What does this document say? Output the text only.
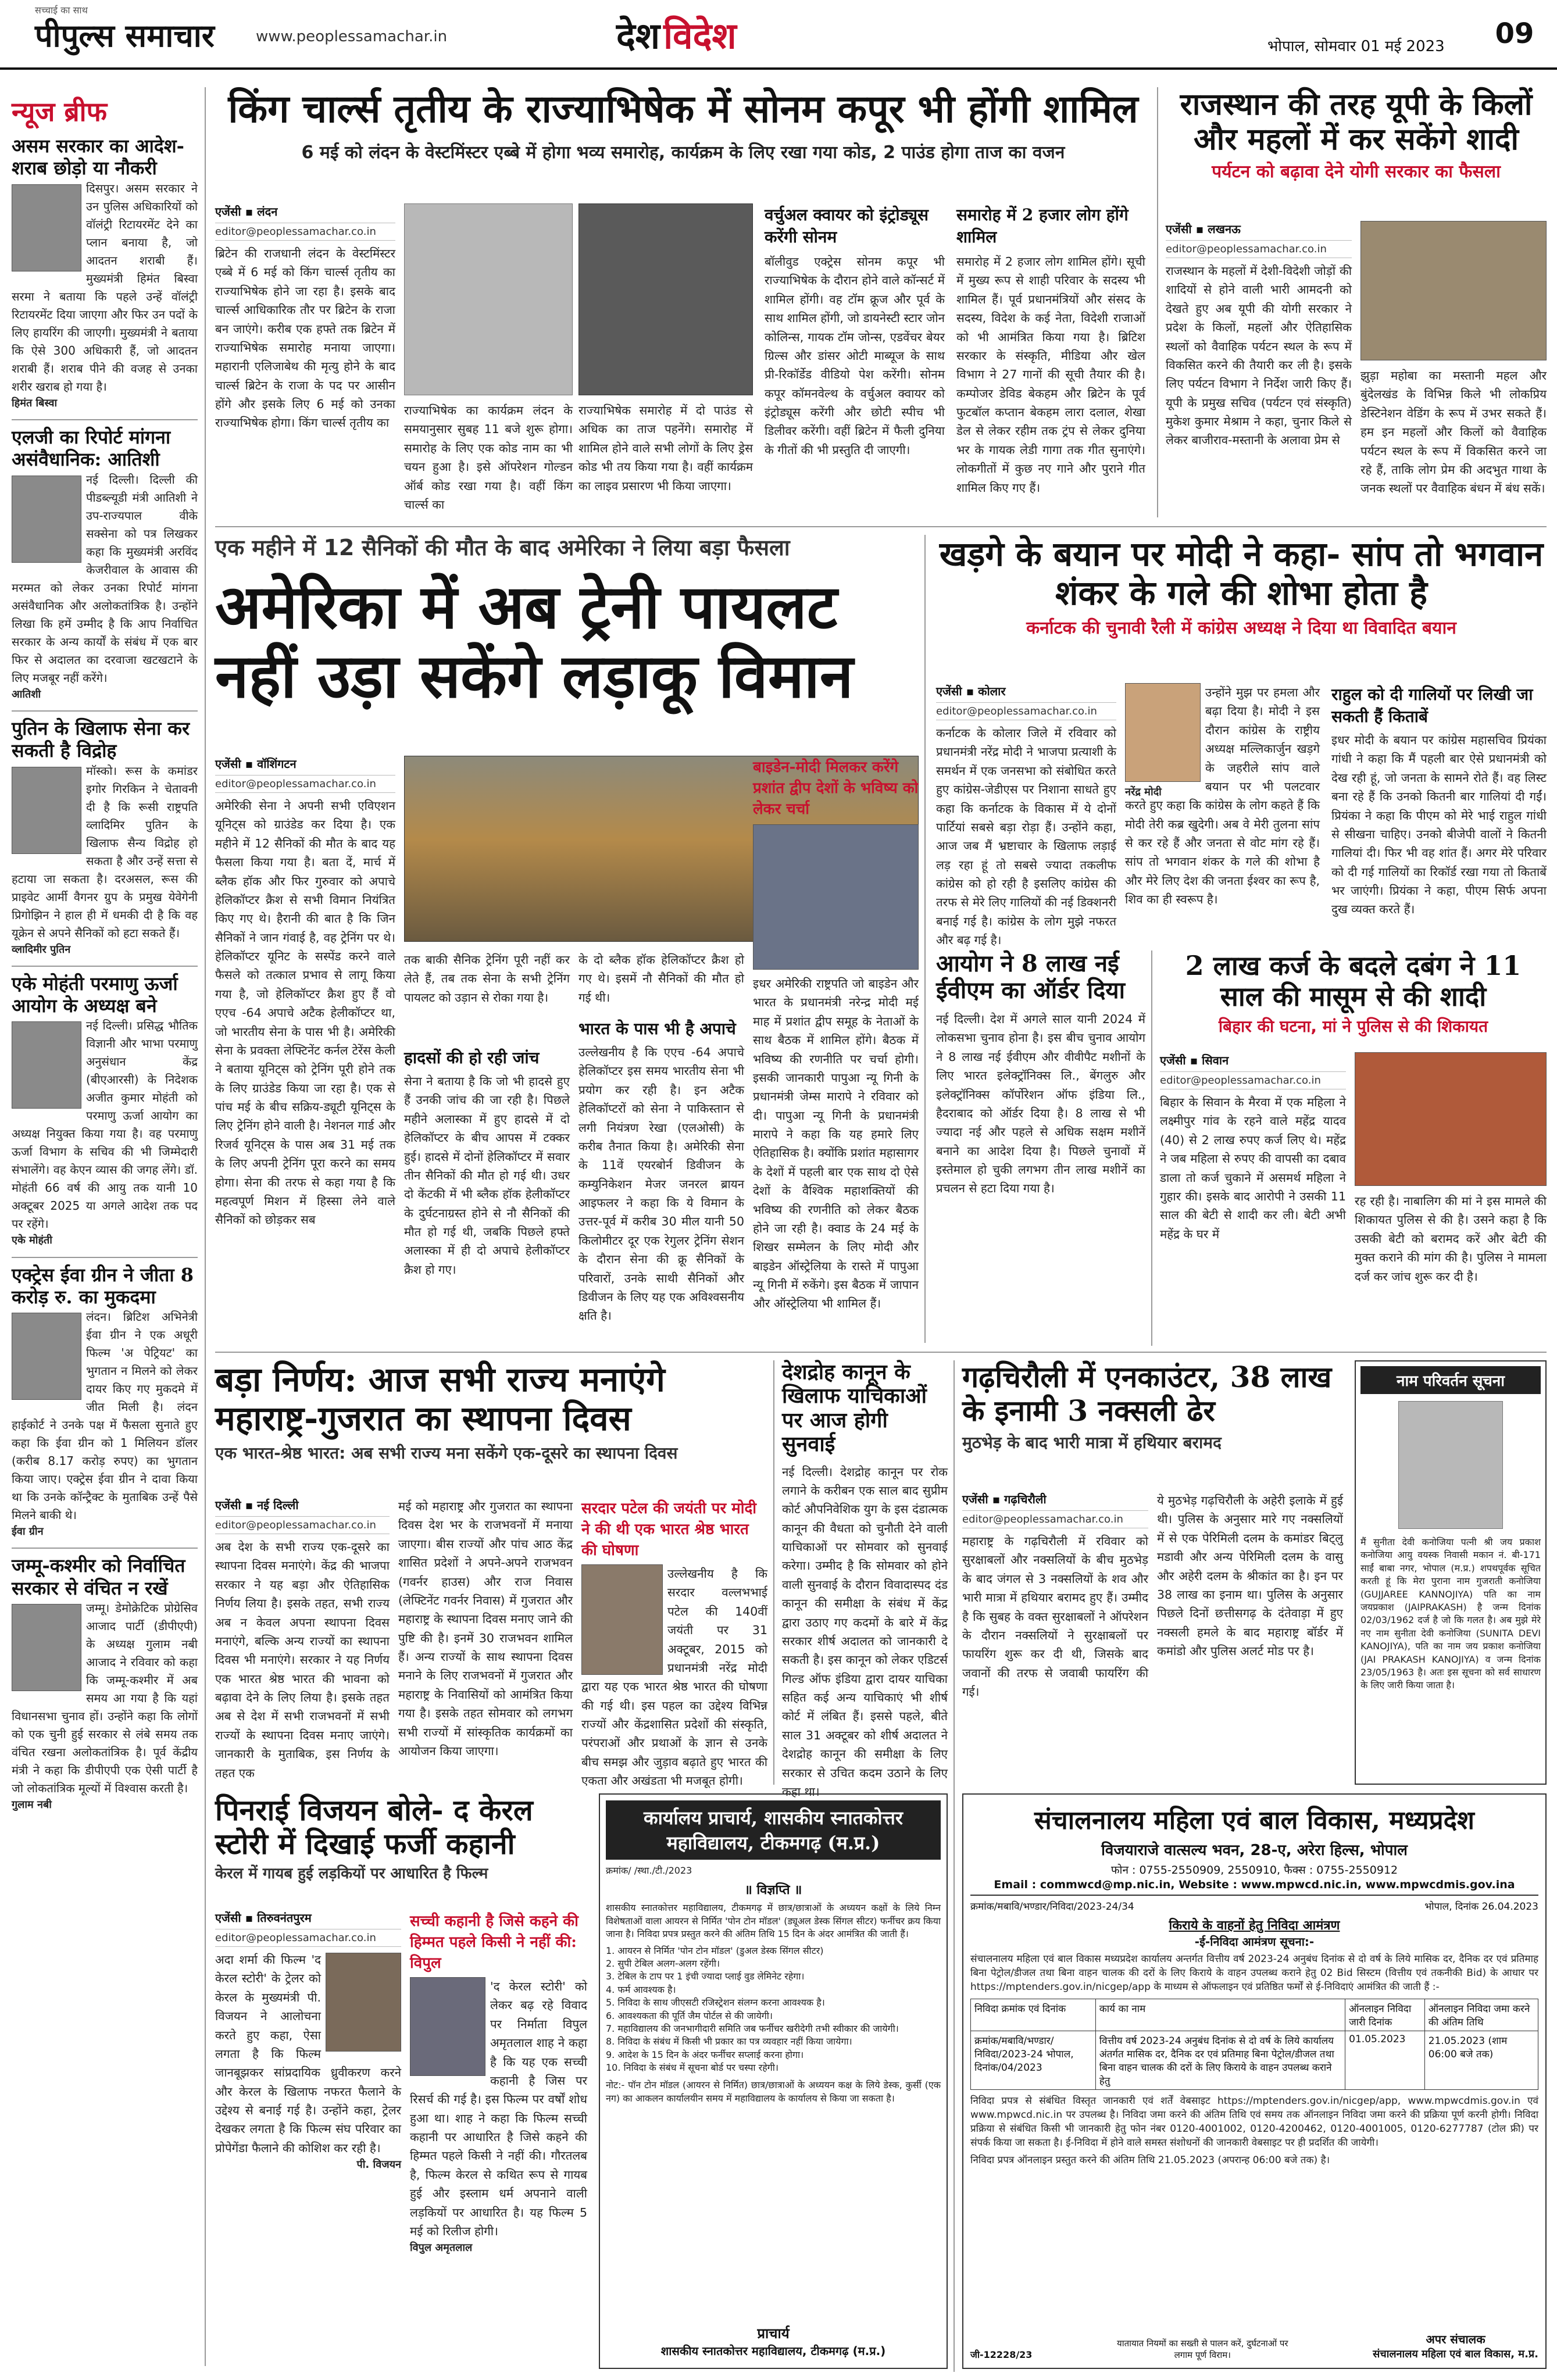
सच्चाई का साथ
पीपुल्स समाचार	www.peoplessamachar.in	देशविदेश	भोपाल, सोमवार 01 मई 2023 09
न्यूज ब्रीफ
असम सरकार का आदेश- शराब छोड़ो या नौकरी
दिसपुर। असम सरकार ने उन पुलिस अधिकारियों को वॉलंट्री रिटायरमेंट देने का प्लान बनाया है, जो आदतन शराबी हैं। मुख्यमंत्री हिमंत बिस्वा सरमा ने बताया कि पहले उन्हें वॉलंट्री रिटायरमेंट दिया जाएगा और फिर उन पदों के लिए हायरिंग की जाएगी। मुख्यमंत्री ने बताया कि ऐसे 300 अधिकारी हैं, जो आदतन शराबी हैं। शराब पीने की वजह से उनका शरीर खराब हो गया है।
हिमंत बिस्वा
एलजी का रिपोर्ट मांगना असंवैधानिक: आतिशी
नई दिल्ली। दिल्ली की पीडब्ल्यूडी मंत्री आतिशी ने उप-राज्यपाल वीके सक्सेना को पत्र लिखकर कहा कि मुख्यमंत्री अरविंद केजरीवाल के आवास की मरम्मत को लेकर उनका रिपोर्ट मांगना असंवैधानिक और अलोकतांत्रिक है। उन्होंने लिखा कि हमें उम्मीद है कि आप निर्वाचित सरकार के अन्य कार्यों के संबंध में एक बार फिर से अदालत का दरवाजा खटखटाने के लिए मजबूर नहीं करेंगे।
आतिशी
पुतिन के खिलाफ सेना कर सकती है विद्रोह
मॉस्को। रूस के कमांडर इगोर गिरकिन ने चेतावनी दी है कि रूसी राष्ट्रपति व्लादिमिर पुतिन के खिलाफ सैन्य विद्रोह हो सकता है और उन्हें सत्ता से हटाया जा सकता है। दरअसल, रूस की प्राइवेट आर्मी वैगनर ग्रुप के प्रमुख येवेगेनी प्रिगोझिन ने हाल ही में धमकी दी है कि वह यूक्रेन से अपने सैनिकों को हटा सकते हैं।
व्लादिमीर पुतिन
एके मोहंती परमाणु ऊर्जा आयोग के अध्यक्ष बने
नई दिल्ली। प्रसिद्ध भौतिक विज्ञानी और भाभा परमाणु अनुसंधान केंद्र (बीएआरसी) के निदेशक अजीत कुमार मोहंती को परमाणु ऊर्जा आयोग का अध्यक्ष नियुक्त किया गया है। वह परमाणु ऊर्जा विभाग के सचिव की भी जिम्मेदारी संभालेंगे। वह केएन व्यास की जगह लेंगे। डॉ. मोहंती 66 वर्ष की आयु तक यानी 10 अक्टूबर 2025 या अगले आदेश तक पद पर रहेंगे।
एके मोहंती
एक्ट्रेस ईवा ग्रीन ने जीता 8 करोड़ रु. का मुकदमा
लंदन। ब्रिटिश अभिनेत्री ईवा ग्रीन ने एक अधूरी फिल्म 'अ पेट्रियट' का भुगतान न मिलने को लेकर दायर किए गए मुकदमे में जीत मिली है। लंदन हाईकोर्ट ने उनके पक्ष में फैसला सुनाते हुए कहा कि ईवा ग्रीन को 1 मिलियन डॉलर (करीब 8.17 करोड़ रुपए) का भुगतान किया जाए। एक्ट्रेस ईवा ग्रीन ने दावा किया था कि उनके कॉन्ट्रैक्ट के मुताबिक उन्हें पैसे मिलने बाकी थे।
ईवा ग्रीन
जम्मू-कश्मीर को निर्वाचित सरकार से वंचित न रखें
जम्मू। डेमोक्रेटिक प्रोग्रेसिव आजाद पार्टी (डीपीएपी) के अध्यक्ष गुलाम नबी आजाद ने रविवार को कहा कि जम्मू-कश्मीर में अब समय आ गया है कि यहां विधानसभा चुनाव हों। उन्होंने कहा कि लोगों को एक चुनी हुई सरकार से लंबे समय तक वंचित रखना अलोकतांत्रिक है। पूर्व केंद्रीय मंत्री ने कहा कि डीपीएपी एक ऐसी पार्टी है जो लोकतांत्रिक मूल्यों में विश्वास करती है।
गुलाम नबी
किंग चार्ल्स तृतीय के राज्याभिषेक में सोनम कपूर भी होंगी शामिल
6 मई को लंदन के वेस्टमिंस्टर एब्बे में होगा भव्य समारोह, कार्यक्रम के लिए रखा गया कोड, 2 पाउंड होगा ताज का वजन
एजेंसी ▪ लंदन
editor@peoplessamachar.co.in
ब्रिटेन की राजधानी लंदन के वेस्टमिंस्टर एब्बे में 6 मई को किंग चार्ल्स तृतीय का राज्याभिषेक होने जा रहा है। इसके बाद चार्ल्स आधिकारिक तौर पर ब्रिटेन के राजा बन जाएंगे। करीब एक हफ्ते तक ब्रिटेन में राज्याभिषेक समारोह मनाया जाएगा। महारानी एलिजाबेथ की मृत्यु होने के बाद चार्ल्स ब्रिटेन के राजा के पद पर आसीन होंगे और इसके लिए 6 मई को उनका राज्याभिषेक होगा। किंग चार्ल्स तृतीय का
राज्याभिषेक का कार्यक्रम लंदन के समयानुसार सुबह 11 बजे शुरू होगा। समारोह के लिए एक कोड नाम का भी चयन हुआ है। इसे ऑपरेशन गोल्डन ऑर्ब कोड रखा गया है। वहीं किंग चार्ल्स का
राज्याभिषेक समारोह में दो पाउंड से अधिक का ताज पहनेंगे। समारोह में शामिल होने वाले सभी लोगों के लिए ड्रेस कोड भी तय किया गया है। वहीं कार्यक्रम का लाइव प्रसारण भी किया जाएगा।
वर्चुअल क्वायर को इंट्रोड्यूस करेंगी सोनम
बॉलीवुड एक्ट्रेस सोनम कपूर भी राज्याभिषेक के दौरान होने वाले कॉन्सर्ट में शामिल होंगी। वह टॉम क्रूज और पूर्व के साथ शामिल होंगी, जो डायनेस्टी स्टार जोन कोलिन्स, गायक टॉम जोन्स, एडवेंचर बेयर ग्रिल्स और डांसर ओटी माब्यूज के साथ प्री-रिकॉर्डेड वीडियो पेश करेंगी। सोनम कपूर कॉमनवेल्थ के वर्चुअल क्वायर को इंट्रोड्यूस करेंगी और छोटी स्पीच भी डिलीवर करेंगी। वहीं ब्रिटेन में फैली दुनिया के गीतों की भी प्रस्तुति दी जाएगी।
समारोह में 2 हजार लोग होंगे शामिल
समारोह में 2 हजार लोग शामिल होंगे। सूची में मुख्य रूप से शाही परिवार के सदस्य भी शामिल हैं। पूर्व प्रधानमंत्रियों और संसद के सदस्य, विदेश के कई नेता, विदेशी राजाओं को भी आमंत्रित किया गया है। ब्रिटिश सरकार के संस्कृति, मीडिया और खेल विभाग ने 27 गानों की सूची तैयार की है। कम्पोजर डेविड बेकहम और ब्रिटेन के पूर्व फुटबॉल कप्तान बेकहम लारा दलाल, शेखा डेल से लेकर रहीम तक ट्रंप से लेकर दुनिया भर के गायक लेडी गागा तक गीत सुनाएंगे। लोकगीतों में कुछ नए गाने और पुराने गीत शामिल किए गए हैं।
राजस्थान की तरह यूपी के किलों और महलों में कर सकेंगे शादी
पर्यटन को बढ़ावा देने योगी सरकार का फैसला
एजेंसी ▪ लखनऊ
editor@peoplessamachar.co.in
राजस्थान के महलों में देशी-विदेशी जोड़ों की शादियों से होने वाली भारी आमदनी को देखते हुए अब यूपी की योगी सरकार ने प्रदेश के किलों, महलों और ऐतिहासिक स्थलों को वैवाहिक पर्यटन स्थल के रूप में विकसित करने की तैयारी कर ली है। इसके लिए पर्यटन विभाग ने निर्देश जारी किए हैं। यूपी के प्रमुख सचिव (पर्यटन एवं संस्कृति) मुकेश कुमार मेश्राम ने कहा, चुनार किले से लेकर बाजीराव-मस्तानी के अलावा प्रेम से
झुड़ा महोबा का मस्तानी महल और बुंदेलखंड के विभिन्न किले भी लोकप्रिय डेस्टिनेशन वेडिंग के रूप में उभर सकते हैं। हम इन महलों और किलों को वैवाहिक पर्यटन स्थल के रूप में विकसित करने जा रहे हैं, ताकि लोग प्रेम की अदभुत गाथा के जनक स्थलों पर वैवाहिक बंधन में बंध सकें।
एक महीने में 12 सैनिकों की मौत के बाद अमेरिका ने लिया बड़ा फैसला
अमेरिका में अब ट्रेनी पायलट नहीं उड़ा सकेंगे लड़ाकू विमान
एजेंसी ▪ वॉशिंगटन
editor@peoplessamachar.co.in
अमेरिकी सेना ने अपनी सभी एविएशन यूनिट्स को ग्राउंडेड कर दिया है। एक महीने में 12 सैनिकों की मौत के बाद यह फैसला किया गया है। बता दें, मार्च में ब्लैक हॉक और फिर गुरुवार को अपाचे हेलिकॉप्टर क्रैश से सभी विमान नियंत्रित किए गए थे। हैरानी की बात है कि जिन सैनिकों ने जान गंवाई है, वह ट्रेनिंग पर थे। हेलिकॉप्टर यूनिट के सस्पेंड करने वाले फैसले को तत्काल प्रभाव से लागू किया गया है, जो हेलिकॉप्टर क्रैश हुए हैं वो एएच -64 अपाचे अटैक हेलीकॉप्टर था, जो भारतीय सेना के पास भी है। अमेरिकी सेना के प्रवक्ता लेफ्टिनेंट कर्नल टेरेंस केली ने बताया यूनिट्स को ट्रेनिंग पूरी होने तक के लिए ग्राउंडेड किया जा रहा है। एक से पांच मई के बीच सक्रिय-ड्यूटी यूनिट्स के लिए ट्रेनिंग होने वाली है। नेशनल गार्ड और रिजर्व यूनिट्स के पास अब 31 मई तक के लिए अपनी ट्रेनिंग पूरा करने का समय होगा। सेना की तरफ से कहा गया है कि महत्वपूर्ण मिशन में हिस्सा लेने वाले सैनिकों को छोड़कर सब
तक बाकी सैनिक ट्रेनिंग पूरी नहीं कर लेते हैं, तब तक सेना के सभी ट्रेनिंग पायलट को उड़ान से रोका गया है।
के दो ब्लैक हॉक हेलिकॉप्टर क्रैश हो गए थे। इसमें नौ सैनिकों की मौत हो गई थी।
हादसों की हो रही जांच
सेना ने बताया है कि जो भी हादसे हुए हैं उनकी जांच की जा रही है। पिछले महीने अलास्का में हुए हादसे में दो हेलिकॉप्टर के बीच आपस में टक्कर हुई। हादसे में दोनों हेलिकॉप्टर में सवार तीन सैनिकों की मौत हो गई थी। उधर दो केंटकी में भी ब्लैक हॉक हेलीकॉप्टर के दुर्घटनाग्रस्त होने से नौ सैनिकों की मौत हो गई थी, जबकि पिछले हफ्ते अलास्का में ही दो अपाचे हेलीकॉप्टर क्रैश हो गए।
भारत के पास भी है अपाचे
उल्लेखनीय है कि एएच -64 अपाचे हेलिकॉप्टर इस समय भारतीय सेना भी प्रयोग कर रही है। इन अटैक हेलिकॉप्टरों को सेना ने पाकिस्तान से लगी नियंत्रण रेखा (एलओसी) के करीब तैनात किया है। अमेरिकी सेना के 11वें एयरबोर्न डिवीजन के कम्युनिकेशन मेजर जनरल ब्रायन आइफलर ने कहा कि ये विमान के उत्तर-पूर्व में करीब 30 मील यानी 50 किलोमीटर दूर एक रेगुलर ट्रेनिंग सेशन के दौरान सेना की क्रू सैनिकों के परिवारों, उनके साथी सैनिकों और डिवीजन के लिए यह एक अविश्वसनीय क्षति है।
बाइडेन-मोदी मिलकर करेंगे प्रशांत द्वीप देशों के भविष्य को लेकर चर्चा
इधर अमेरिकी राष्ट्रपति जो बाइडेन और भारत के प्रधानमंत्री नरेन्द्र मोदी मई माह में प्रशांत द्वीप समूह के नेताओं के साथ बैठक में शामिल होंगे। बैठक में भविष्य की रणनीति पर चर्चा होगी। इसकी जानकारी पापुआ न्यू गिनी के प्रधानमंत्री जेम्स मारापे ने रविवार को दी। पापुआ न्यू गिनी के प्रधानमंत्री मारापे ने कहा कि यह हमारे लिए ऐतिहासिक है। क्योंकि प्रशांत महासागर के देशों में पहली बार एक साथ दो ऐसे देशों के वैश्विक महाशक्तियों की भविष्य की रणनीति को लेकर बैठक होने जा रही है। क्वाड के 24 मई के शिखर सम्मेलन के लिए मोदी और बाइडेन ऑस्ट्रेलिया के रास्ते में पापुआ न्यू गिनी में रुकेंगे। इस बैठक में जापान और ऑस्ट्रेलिया भी शामिल हैं।
खड़गे के बयान पर मोदी ने कहा- सांप तो भगवान शंकर के गले की शोभा होता है
कर्नाटक की चुनावी रैली में कांग्रेस अध्यक्ष ने दिया था विवादित बयान
एजेंसी ▪ कोलार
editor@peoplessamachar.co.in
कर्नाटक के कोलार जिले में रविवार को प्रधानमंत्री नरेंद्र मोदी ने भाजपा प्रत्याशी के समर्थन में एक जनसभा को संबोधित करते हुए कांग्रेस-जेडीएस पर निशाना साधते हुए कहा कि कर्नाटक के विकास में ये दोनों पार्टियां सबसे बड़ा रोड़ा हैं। उन्होंने कहा, आज जब मैं भ्रष्टाचार के खिलाफ लड़ाई लड़ रहा हूं तो सबसे ज्यादा तकलीफ कांग्रेस को हो रही है इसलिए कांग्रेस की तरफ से मेरे लिए गालियों की नई डिक्शनरी बनाई गई है। कांग्रेस के लोग मुझे नफरत और बढ़ गई है।
उन्होंने मुझ पर हमला और बढ़ा दिया है। मोदी ने इस दौरान कांग्रेस के राष्ट्रीय अध्यक्ष मल्लिकार्जुन खड़गे के जहरीले सांप वाले बयान पर भी पलटवार करते हुए कहा कि कांग्रेस के लोग कहते हैं कि मोदी तेरी कब्र खुदेगी। अब वे मेरी तुलना सांप से कर रहे हैं और जनता से वोट मांग रहे हैं। सांप तो भगवान शंकर के गले की शोभा है और मेरे लिए देश की जनता ईश्वर का रूप है, शिव का ही स्वरूप है।
नरेंद्र मोदी
राहुल को दी गालियों पर लिखी जा सकती हैं किताबें
इधर मोदी के बयान पर कांग्रेस महासचिव प्रियंका गांधी ने कहा कि मैं पहली बार ऐसे प्रधानमंत्री को देख रही हूं, जो जनता के सामने रोते हैं। वह लिस्ट बना रहे हैं कि उनको कितनी बार गालियां दी गईं। प्रियंका ने कहा कि पीएम को मेरे भाई राहुल गांधी से सीखना चाहिए। उनको बीजेपी वालों ने कितनी गालियां दी। फिर भी वह शांत हैं। अगर मेरे परिवार को दी गई गालियों का रिकॉर्ड रखा गया तो किताबें भर जाएंगी। प्रियंका ने कहा, पीएम सिर्फ अपना दुख व्यक्त करते हैं।
आयोग ने 8 लाख नई ईवीएम का ऑर्डर दिया
नई दिल्ली। देश में अगले साल यानी 2024 में लोकसभा चुनाव होना है। इस बीच चुनाव आयोग ने 8 लाख नई ईवीएम और वीवीपैट मशीनों के लिए भारत इलेक्ट्रॉनिक्स लि., बेंगलुरु और इलेक्ट्रॉनिक्स कॉर्पोरेशन ऑफ इंडिया लि., हैदराबाद को ऑर्डर दिया है। 8 लाख से भी ज्यादा नई और पहले से अधिक सक्षम मशीनें बनाने का आदेश दिया है। पिछले चुनावों में इस्तेमाल हो चुकी लगभग तीन लाख मशीनें का प्रचलन से हटा दिया गया है।
2 लाख कर्ज के बदले दबंग ने 11 साल की मासूम से की शादी
बिहार की घटना, मां ने पुलिस से की शिकायत
एजेंसी ▪ सिवान
editor@peoplessamachar.co.in
बिहार के सिवान के मैरवा में एक महिला ने लक्ष्मीपुर गांव के रहने वाले महेंद्र यादव (40) से 2 लाख रुपए कर्ज लिए थे। महेंद्र ने जब महिला से रुपए की वापसी का दबाव डाला तो कर्ज चुकाने में असमर्थ महिला ने गुहार की। इसके बाद आरोपी ने उसकी 11 साल की बेटी से शादी कर ली। बेटी अभी महेंद्र के घर में
रह रही है। नाबालिग की मां ने इस मामले की शिकायत पुलिस से की है। उसने कहा है कि उसकी बेटी को बरामद करें और बेटी की मुक्त कराने की मांग की है। पुलिस ने मामला दर्ज कर जांच शुरू कर दी है।
बड़ा निर्णय: आज सभी राज्य मनाएंगे महाराष्ट्र-गुजरात का स्थापना दिवस
एक भारत-श्रेष्ठ भारत: अब सभी राज्य मना सकेंगे एक-दूसरे का स्थापना दिवस
एजेंसी ▪ नई दिल्ली
editor@peoplessamachar.co.in
अब देश के सभी राज्य एक-दूसरे का स्थापना दिवस मनाएंगे। केंद्र की भाजपा सरकार ने यह बड़ा और ऐतिहासिक निर्णय लिया है। इसके तहत, सभी राज्य अब न केवल अपना स्थापना दिवस मनाएंगे, बल्कि अन्य राज्यों का स्थापना दिवस भी मनाएंगे। सरकार ने यह निर्णय एक भारत श्रेष्ठ भारत की भावना को बढ़ावा देने के लिए लिया है। इसके तहत अब से देश में सभी राजभवनों में सभी राज्यों के स्थापना दिवस मनाए जाएंगे। जानकारी के मुताबिक, इस निर्णय के तहत एक
मई को महाराष्ट्र और गुजरात का स्थापना दिवस देश भर के राजभवनों में मनाया जाएगा। बीस राज्यों और पांच आठ केंद्र शासित प्रदेशों ने अपने-अपने राजभवन (गवर्नर हाउस) और राज निवास (लेफ्टिनेंट गवर्नर निवास) में गुजरात और महाराष्ट्र के स्थापना दिवस मनाए जाने की पुष्टि की है। इनमें 30 राजभवन शामिल हैं। अन्य राज्यों के साथ स्थापना दिवस मनाने के लिए राजभवनों में गुजरात और महाराष्ट्र के निवासियों को आमंत्रित किया गया है। इसके तहत सोमवार को लगभग सभी राज्यों में सांस्कृतिक कार्यक्रमों का आयोजन किया जाएगा।
सरदार पटेल की जयंती पर मोदी ने की थी एक भारत श्रेष्ठ भारत की घोषणा
उल्लेखनीय है कि सरदार वल्लभभाई पटेल की 140वीं जयंती पर 31 अक्टूबर, 2015 को प्रधानमंत्री नरेंद्र मोदी द्वारा यह एक भारत श्रेष्ठ भारत की घोषणा की गई थी। इस पहल का उद्देश्य विभिन्न राज्यों और केंद्रशासित प्रदेशों की संस्कृति, परंपराओं और प्रथाओं के ज्ञान से उनके बीच समझ और जुड़ाव बढ़ाते हुए भारत की एकता और अखंडता भी मजबूत होगी।
देशद्रोह कानून के खिलाफ याचिकाओं पर आज होगी सुनवाई
नई दिल्ली। देशद्रोह कानून पर रोक लगाने के करीबन एक साल बाद सुप्रीम कोर्ट औपनिवेशिक युग के इस दंडात्मक कानून की वैधता को चुनौती देने वाली याचिकाओं पर सोमवार को सुनवाई करेगा। उम्मीद है कि सोमवार को होने वाली सुनवाई के दौरान विवादास्पद दंड कानून की समीक्षा के संबंध में केंद्र द्वारा उठाए गए कदमों के बारे में केंद्र सरकार शीर्ष अदालत को जानकारी दे सकती है। इस कानून को लेकर एडिटर्स गिल्ड ऑफ इंडिया द्वारा दायर याचिका सहित कई अन्य याचिकाएं भी शीर्ष कोर्ट में लंबित हैं। इससे पहले, बीते साल 31 अक्टूबर को शीर्ष अदालत ने देशद्रोह कानून की समीक्षा के लिए सरकार से उचित कदम उठाने के लिए कहा था।
गढ़चिरौली में एनकाउंटर, 38 लाख के इनामी 3 नक्सली ढेर
मुठभेड़ के बाद भारी मात्रा में हथियार बरामद
एजेंसी ▪ गढ़चिरौली
editor@peoplessamachar.co.in
महाराष्ट्र के गढ़चिरौली में रविवार को सुरक्षाबलों और नक्सलियों के बीच मुठभेड़ के बाद जंगल से 3 नक्सलियों के शव और भारी मात्रा में हथियार बरामद हुए हैं। उम्मीद है कि सुबह के वक्त सुरक्षाबलों ने ऑपरेशन के दौरान नक्सलियों ने सुरक्षाबलों पर फायरिंग शुरू कर दी थी, जिसके बाद जवानों की तरफ से जवाबी फायरिंग की गई।
ये मुठभेड़ गढ़चिरौली के अहेरी इलाके में हुई थी। पुलिस के अनुसार मारे गए नक्सलियों में से एक पेरिमिली दलम के कमांडर बिट्लु मडावी और अन्य पेरिमिली दलम के वासु और अहेरी दलम के श्रीकांत का है। इन पर 38 लाख का इनाम था। पुलिस के अनुसार पिछले दिनों छत्तीसगढ़ के दंतेवाड़ा में हुए नक्सली हमले के बाद महाराष्ट्र बॉर्डर में कमांडो और पुलिस अलर्ट मोड पर है।
नाम परिवर्तन सूचना
मैं सुनीता देवी कनोजिया पत्नी श्री जय प्रकाश कनोजिया आयु वयस्क निवासी मकान नं. बी-171 साईं बाबा नगर, भोपाल (म.प्र.) शपथपूर्वक सूचित करती हूं कि मेरा पुराना नाम गुजराती कनोजिया (GUJJAREE KANNOJIYA) पति का नाम जयप्रकाश (JAIPRAKASH) है जन्म दिनांक 02/03/1962 दर्ज है जो कि गलत है। अब मुझे मेरे नए नाम सुनीता देवी कनोजिया (SUNITA DEVI KANOJIYA), पति का नाम जय प्रकाश कनोजिया (JAI PRAKASH KANOJIYA) व जन्म दिनांक 23/05/1963 है। अतः इस सूचना को सर्व साधारण के लिए जारी किया जाता है।
पिनराई विजयन बोले- द केरल स्टोरी में दिखाई फर्जी कहानी
केरल में गायब हुई लड़कियों पर आधारित है फिल्म
एजेंसी ▪ तिरुवनंतपुरम
editor@peoplessamachar.co.in
अदा शर्मा की फिल्म 'द केरल स्टोरी' के ट्रेलर को केरल के मुख्यमंत्री पी. विजयन ने आलोचना करते हुए कहा, ऐसा लगता है कि फिल्म जानबूझकर सांप्रदायिक ध्रुवीकरण करने और केरल के खिलाफ नफरत फैलाने के उद्देश्य से बनाई गई है। उन्होंने कहा, ट्रेलर देखकर लगता है कि फिल्म संघ परिवार का प्रोपेगेंडा फैलाने की कोशिश कर रही है।
पी. विजयन
सच्ची कहानी है जिसे कहने की हिम्मत पहले किसी ने नहीं की: विपुल
'द केरल स्टोरी' को लेकर बढ़ रहे विवाद पर निर्माता विपुल अमृतलाल शाह ने कहा है कि यह एक सच्ची कहानी है जिस पर रिसर्च की गई है। इस फिल्म पर वर्षों शोध हुआ था। शाह ने कहा कि फिल्म सच्ची कहानी पर आधारित है जिसे कहने की हिम्मत पहले किसी ने नहीं की। गौरतलब है, फिल्म केरल से कथित रूप से गायब हुई और इस्लाम धर्म अपनाने वाली लड़कियों पर आधारित है। यह फिल्म 5 मई को रिलीज होगी।
विपुल अमृतलाल
कार्यालय प्राचार्य, शासकीय स्नातकोत्तर महाविद्यालय, टीकमगढ़ (म.प्र.)
क्रमांक/ /स्था./टी./2023
॥ विज्ञप्ति ॥
शासकीय स्नातकोत्तर महाविद्यालय, टीकमगढ़ में छात्र/छात्राओं के अध्ययन कक्षों के लिये निम्न विशेषताओं वाला आयरन से निर्मित 'पोन टोन मॉडल' (ड्यूअल डेस्क सिंगल सीटर) फर्नीचर क्रय किया जाना है। निविदा प्रपत्र प्रस्तुत करने की अंतिम तिथि 15 दिन के अंदर आमंत्रित की जाती हैं।
1. आयरन से निर्मित 'पोन टोन मॉडल' (डुअल डेस्क सिंगल सीटर)
2. सुपी टेबिल अलग-अलग रहेंगी।
3. टेबिल के टाप पर 1 इंची ज्यादा प्लाई वुड लेमिनेट रहेगा।
4. फर्म आवश्यक है।
5. निविदा के साथ जीएसटी रजिस्ट्रेशन संलग्न करना आवश्यक है।
6. आवश्यकता की पूर्ति जैम पोर्टल से की जायेगी।
7. महाविद्यालय की जनभागीदारी समिति जब फर्नीचर खरीदेगी तभी स्वीकार की जायेगी।
8. निविदा के संबंध में किसी भी प्रकार का पत्र व्यवहार नहीं किया जायेगा।
9. आदेश के 15 दिन के अंदर फर्नीचर सप्लाई करना होगा।
10. निविदा के संबंध में सूचना बोर्ड पर चस्पा रहेगी।
नोट:- पॉन टोन मॉडल (आयरन से निर्मित) छात्र/छात्राओं के अध्ययन कक्ष के लिये डेस्क, कुर्सी (एक नग) का आकलन कार्यालयीन समय में महाविद्यालय के कार्यालय से किया जा सकता है।
प्राचार्य
शासकीय स्नातकोत्तर महाविद्यालय, टीकमगढ़ (म.प्र.)
संचालनालय महिला एवं बाल विकास, मध्यप्रदेश
विजयाराजे वात्सल्य भवन, 28-ए, अरेरा हिल्स, भोपाल
फोन : 0755-2550909, 2550910, फैक्स : 0755-2550912
Email : commwcd@mp.nic.in, Website : www.mpwcd.nic.in, www.mpwcdmis.gov.ina
क्रमांक/मबावि/भण्डार/निविदा/2023-24/34	भोपाल, दिनांक 26.04.2023
किराये के वाहनों हेतु निविदा आमंत्रण
-ई-निविदा आमंत्रण सूचना:-
संचालनालय महिला एवं बाल विकास मध्यप्रदेश कार्यालय अन्तर्गत वित्तीय वर्ष 2023-24 अनुबंध दिनांक से दो वर्ष के लिये मासिक दर, दैनिक दर एवं प्रतिमाह बिना पेट्रोल/डीजल तथा बिना वाहन चालक की दरों के लिए किराये के वाहन उपलब्ध कराने हेतु 02 Bid सिस्टम (वित्तीय एवं तकनीकी Bid) के आधार पर https://mptenders.gov.in/nicgep/app के माध्यम से ऑफलाइन एवं प्रतिष्ठित फर्मों से ई-निविदाएं आमंत्रित की जाती हैं :-
निविदा क्रमांक एवं दिनांक	कार्य का नाम	ऑनलाइन निविदा जारी दिनांक	ऑनलाइन निविदा जमा करने की अंतिम तिथि
क्रमांक/मबावि/भण्डार/निविदा/2023-24 भोपाल, दिनांक/04/2023	वित्तीय वर्ष 2023-24 अनुबंध दिनांक से दो वर्ष के लिये कार्यालय अंतर्गत मासिक दर, दैनिक दर एवं प्रतिमाह बिना पेट्रोल/डीजल तथा बिना वाहन चालक की दरों के लिए किराये के वाहन उपलब्ध कराने हेतु	01.05.2023	21.05.2023 (शाम 06:00 बजे तक)
निविदा प्रपत्र से संबंधित विस्तृत जानकारी एवं शर्तें वेबसाइट https://mptenders.gov.in/nicgep/app, www.mpwcdmis.gov.in एवं www.mpwcd.nic.in पर उपलब्ध है। निविदा जमा करने की अंतिम तिथि एवं समय तक ऑनलाइन निविदा जमा करने की प्रक्रिया पूर्ण करनी होगी। निविदा प्रक्रिया से संबंधित किसी भी जानकारी हेतु फोन नंबर 0120-4001002, 0120-4200462, 0120-4001005, 0120-6277787 (टोल फ्री) पर संपर्क किया जा सकता है। ई-निविदा में होने वाले समस्त संशोधनों की जानकारी वेबसाइट पर ही प्रदर्शित की जायेगी।
निविदा प्रपत्र ऑनलाइन प्रस्तुत करने की अंतिम तिथि 21.05.2023 (अपरान्ह 06:00 बजे तक) है।
जी-12228/23
यातायात नियमों का सख्ती से पालन करें, दुर्घटनाओं पर लगाम पूर्ण विराम।
अपर संचालक
संचालनालय महिला एवं बाल विकास, म.प्र.
